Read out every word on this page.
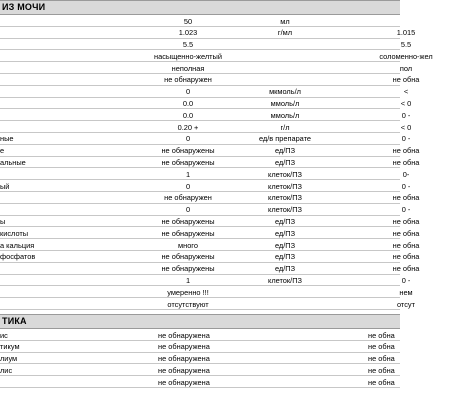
ИЗ МОЧИ
50	мл
1.023	г/мл	1.015
5.5	5.5
насыщенно-желтый	соломенно-жел
неполная	пол
не обнаружен	не обна
0	мкмоль/л	<
0.0	ммоль/л	< 0
0.0	ммоль/л	0 -
0.20 +	г/л	< 0
ные	0	ед/в препарате	0 -
е	не обнаружены	ед/ПЗ	не обна
альные	не обнаружены	ед/ПЗ	не обна
1	клеток/ПЗ	0-
ый	0	клеток/ПЗ	0 -
не обнаружен	клеток/ПЗ	не обна
0	клеток/ПЗ	0 -
ы	не обнаружены	ед/ПЗ	не обна
кислоты	не обнаружены	ед/ПЗ	не обна
а кальция	много	ед/ПЗ	не обна
фосфатов	не обнаружены	ед/ПЗ	не обна
не обнаружены	ед/ПЗ	не обна
1	клеток/ПЗ	0 -
умеренно !!!	нем
отсутствуют	отсут
ТИКА
ис	не обнаружена	не обна
тикум	не обнаружена	не обна
лиум	не обнаружена	не обна
лис	не обнаружена	не обна
не обнаружена	не обна
